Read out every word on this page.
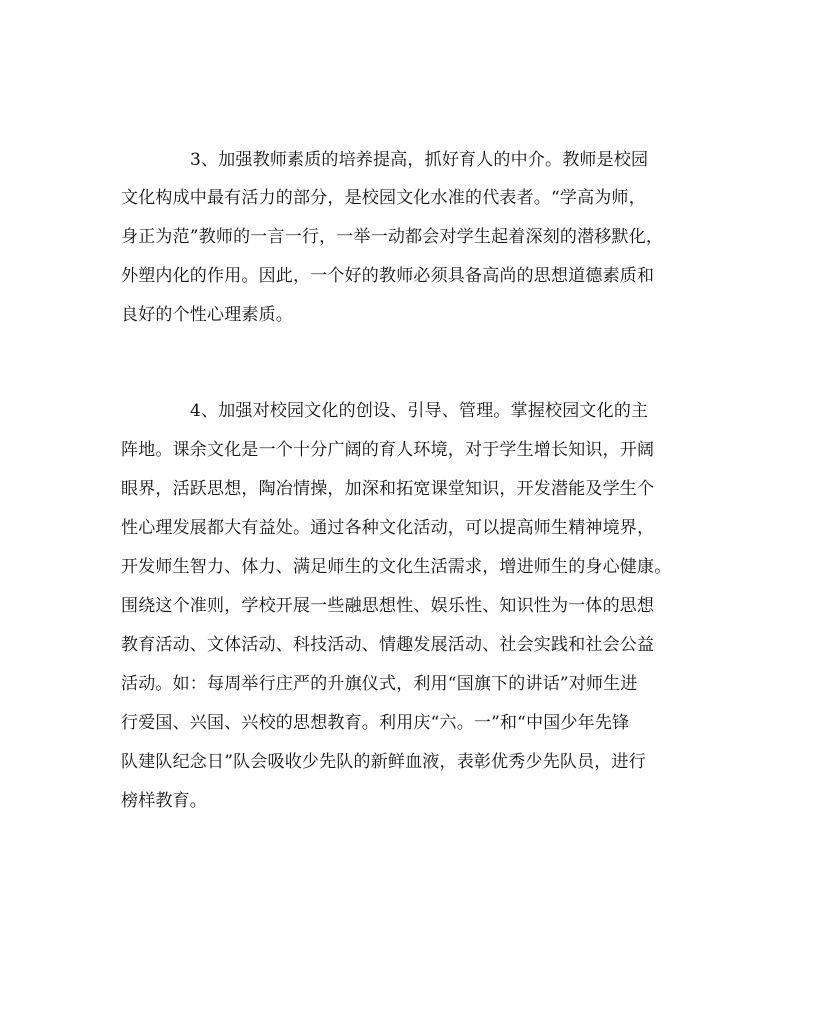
3、加强教师素质的培养提高，抓好育人的中介。教师是校园
文化构成中最有活力的部分，是校园文化水准的代表者。“学高为师，
身正为范”教师的一言一行，一举一动都会对学生起着深刻的潜移默化，
外塑内化的作用。因此，一个好的教师必须具备高尚的思想道德素质和
良好的个性心理素质。
4、加强对校园文化的创设、引导、管理。掌握校园文化的主
阵地。课余文化是一个十分广阔的育人环境，对于学生增长知识，开阔
眼界，活跃思想，陶冶情操，加深和拓宽课堂知识，开发潜能及学生个
性心理发展都大有益处。通过各种文化活动，可以提高师生精神境界，
开发师生智力、体力、满足师生的文化生活需求，增进师生的身心健康。
围绕这个准则，学校开展一些融思想性、娱乐性、知识性为一体的思想
教育活动、文体活动、科技活动、情趣发展活动、社会实践和社会公益
活动。如：每周举行庄严的升旗仪式，利用“国旗下的讲话”对师生进
行爱国、兴国、兴校的思想教育。利用庆“六。一”和“中国少年先锋
队建队纪念日”队会吸收少先队的新鲜血液，表彰优秀少先队员，进行
榜样教育。
